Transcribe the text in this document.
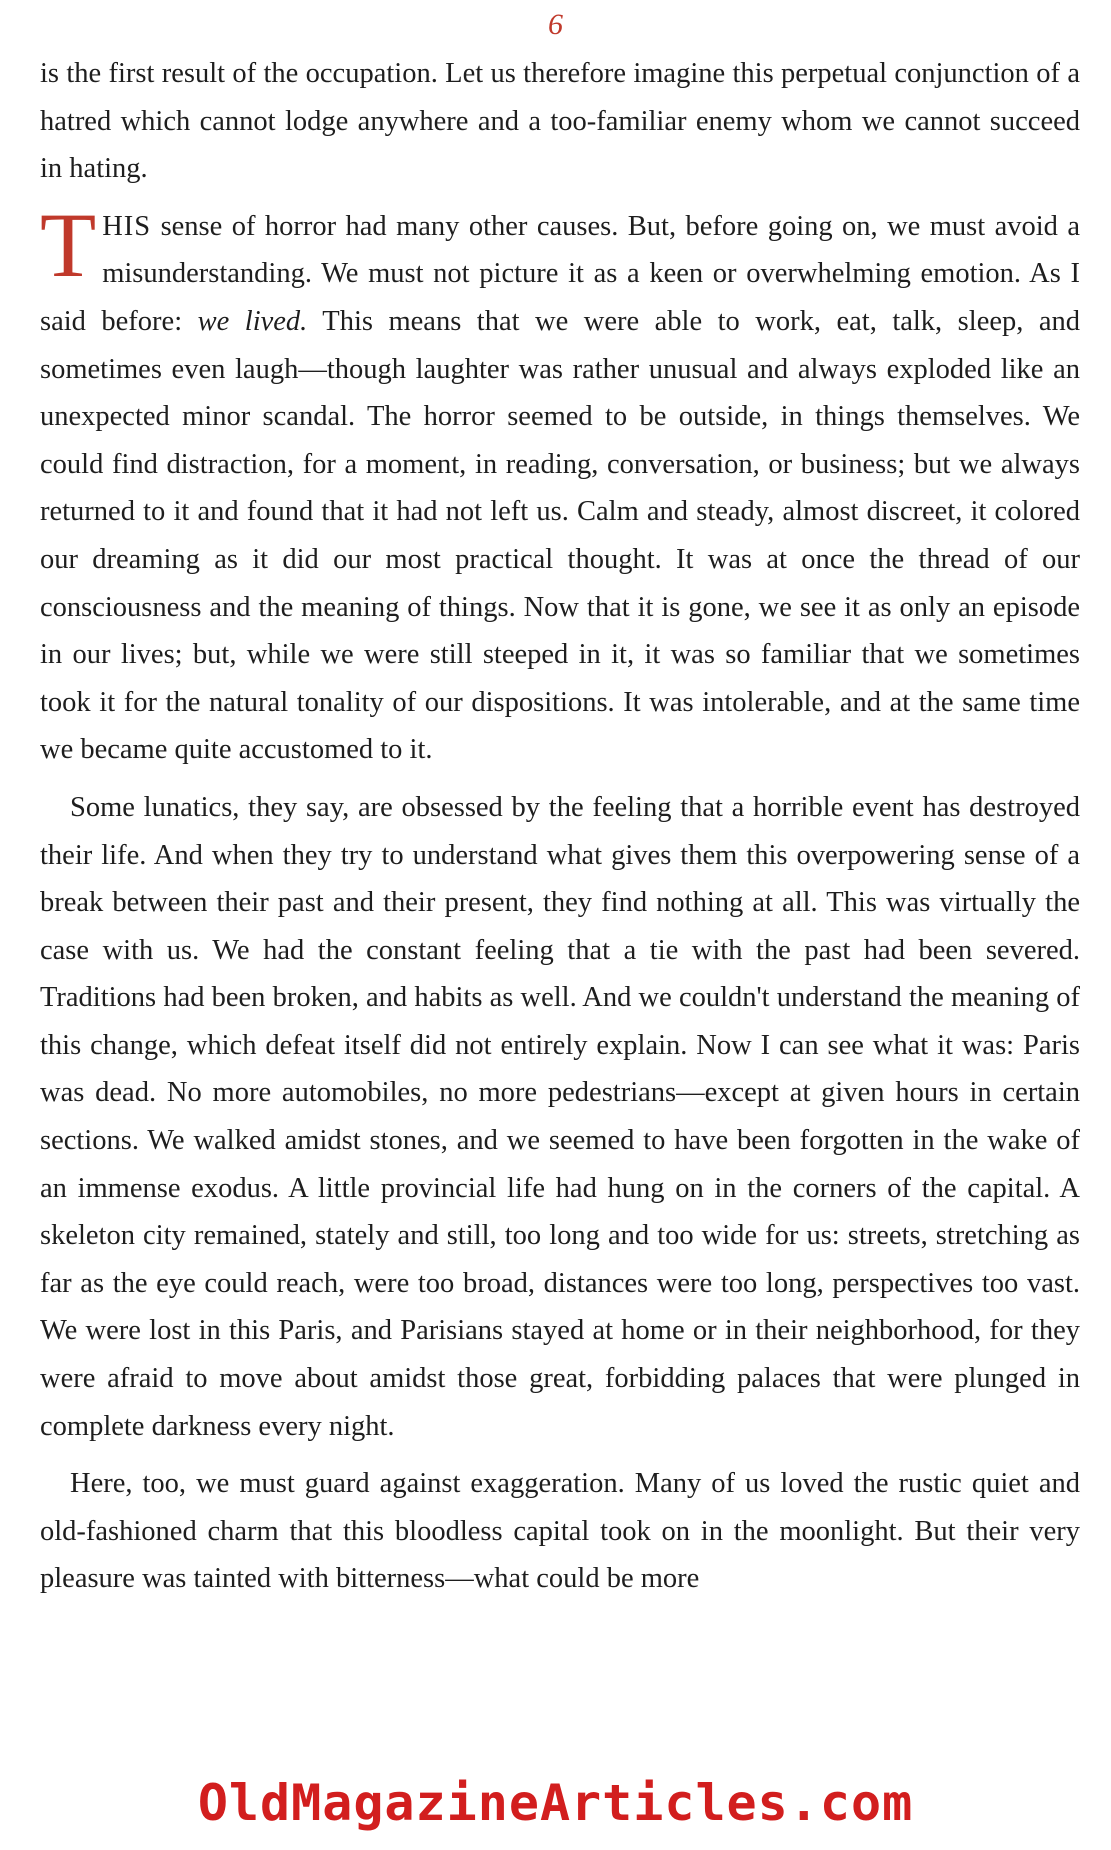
6

is the first result of the occupation. Let us therefore imagine this perpetual conjunction of a hatred which cannot lodge anywhere and a too-familiar enemy whom we cannot succeed in hating.

THIS sense of horror had many other causes. But, before going on, we must avoid a misunderstanding. We must not picture it as a keen or overwhelming emotion. As I said before: we lived. This means that we were able to work, eat, talk, sleep, and sometimes even laugh—though laughter was rather unusual and always exploded like an unexpected minor scandal. The horror seemed to be outside, in things themselves. We could find distraction, for a moment, in reading, conversation, or business; but we always returned to it and found that it had not left us. Calm and steady, almost discreet, it colored our dreaming as it did our most practical thought. It was at once the thread of our consciousness and the meaning of things. Now that it is gone, we see it as only an episode in our lives; but, while we were still steeped in it, it was so familiar that we sometimes took it for the natural tonality of our dispositions. It was intolerable, and at the same time we became quite accustomed to it.

Some lunatics, they say, are obsessed by the feeling that a horrible event has destroyed their life. And when they try to understand what gives them this overpowering sense of a break between their past and their present, they find nothing at all. This was virtually the case with us. We had the constant feeling that a tie with the past had been severed. Traditions had been broken, and habits as well. And we couldn't understand the meaning of this change, which defeat itself did not entirely explain. Now I can see what it was: Paris was dead. No more automobiles, no more pedestrians—except at given hours in certain sections. We walked amidst stones, and we seemed to have been forgotten in the wake of an immense exodus. A little provincial life had hung on in the corners of the capital. A skeleton city remained, stately and still, too long and too wide for us: streets, stretching as far as the eye could reach, were too broad, distances were too long, perspectives too vast. We were lost in this Paris, and Parisians stayed at home or in their neighborhood, for they were afraid to move about amidst those great, forbidding palaces that were plunged in complete darkness every night.

Here, too, we must guard against exaggeration. Many of us loved the rustic quiet and old-fashioned charm that this bloodless capital took on in the moonlight. But their very pleasure was tainted with bitterness—what could be more

OldMagazineArticles.com
